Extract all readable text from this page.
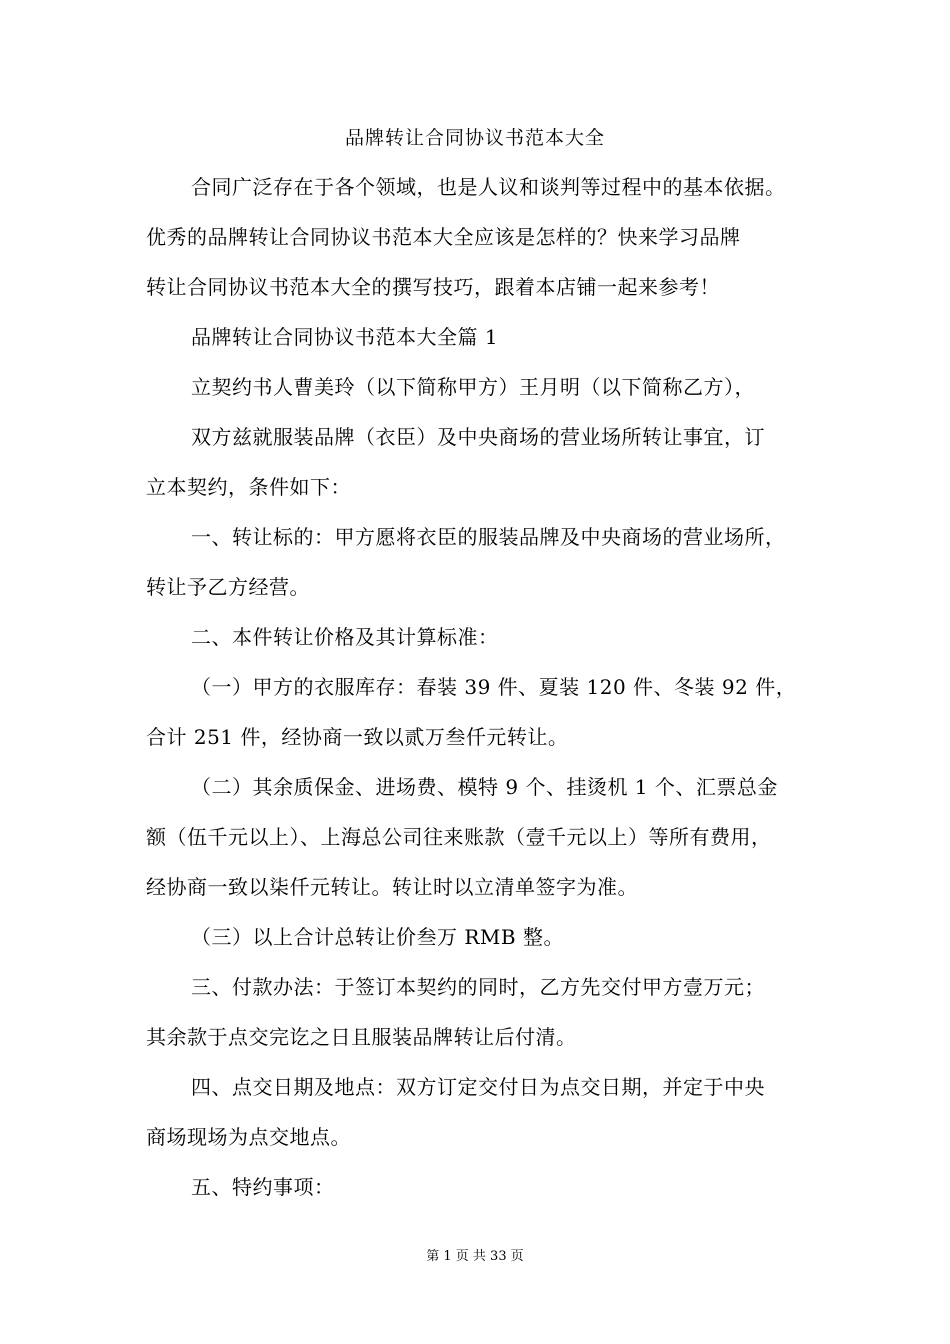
品牌转让合同协议书范本大全
合同广泛存在于各个领域，也是人议和谈判等过程中的基本依据。
优秀的品牌转让合同协议书范本大全应该是怎样的？快来学习品牌
转让合同协议书范本大全的撰写技巧，跟着本店铺一起来参考！
品牌转让合同协议书范本大全篇 1
立契约书人曹美玲（以下简称甲方）王月明（以下简称乙方），
双方兹就服装品牌（衣臣）及中央商场的营业场所转让事宜，订
立本契约，条件如下：
一、转让标的：甲方愿将衣臣的服装品牌及中央商场的营业场所，
转让予乙方经营。
二、本件转让价格及其计算标准：
（一）甲方的衣服库存：春装 39 件、夏装 120 件、冬装 92 件，
合计 251 件，经协商一致以贰万叁仟元转让。
（二）其余质保金、进场费、模特 9 个、挂烫机 1 个、汇票总金
额（伍千元以上）、上海总公司往来账款（壹千元以上）等所有费用，
经协商一致以柒仟元转让。转让时以立清单签字为准。
（三）以上合计总转让价叁万 RMB 整。
三、付款办法：于签订本契约的同时，乙方先交付甲方壹万元；
其余款于点交完讫之日且服装品牌转让后付清。
四、点交日期及地点：双方订定交付日为点交日期，并定于中央
商场现场为点交地点。
五、特约事项：
第 1 页 共 33 页
